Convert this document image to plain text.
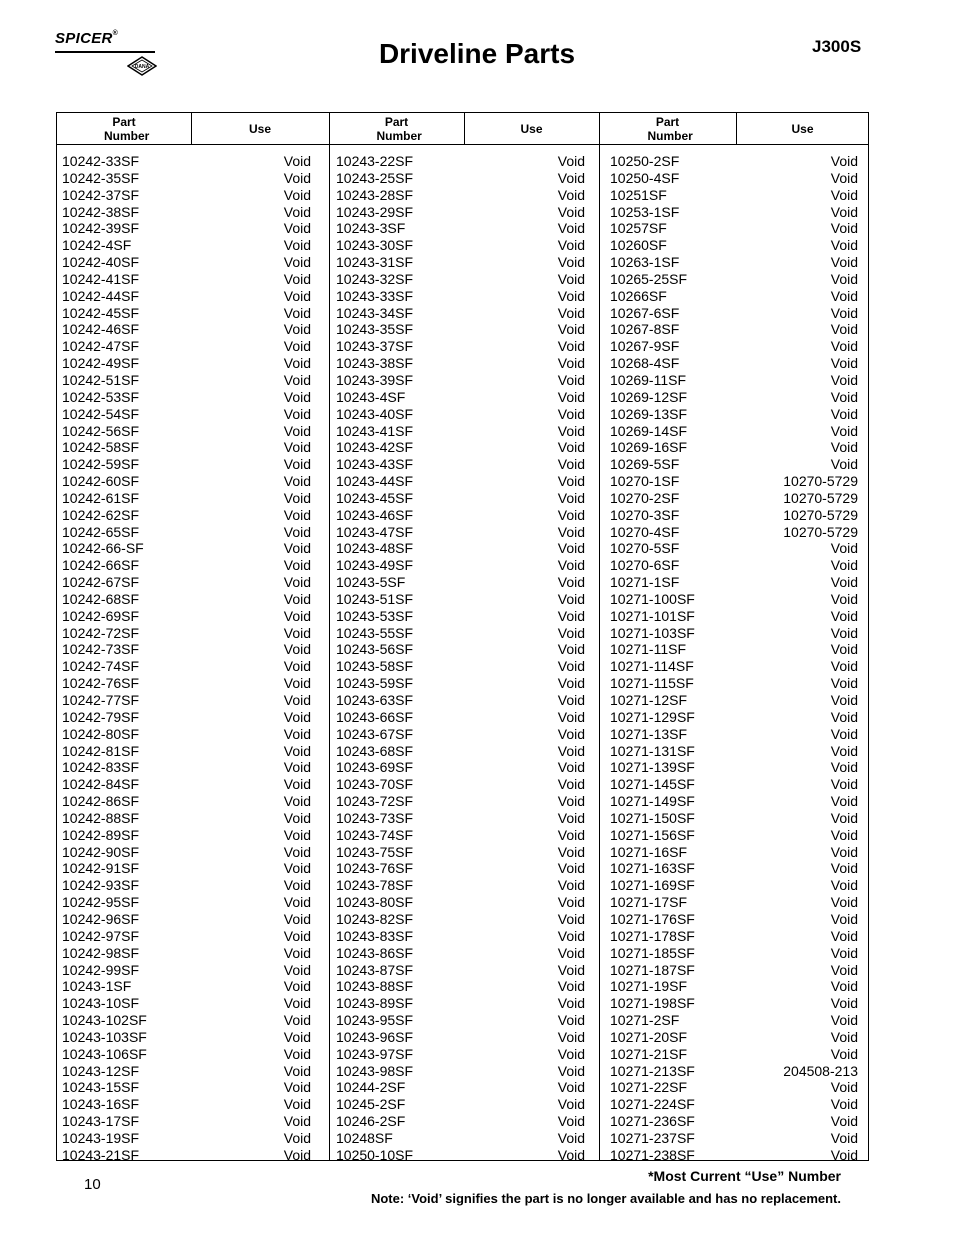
SPICER®
DANA	Driveline Parts	J300S
Part Number	Use	Part Number	Use	Part Number	Use
10242-33SF	Void
10242-35SF	Void
10242-37SF	Void
10242-38SF	Void
10242-39SF	Void
10242-4SF	Void
10242-40SF	Void
10242-41SF	Void
10242-44SF	Void
10242-45SF	Void
10242-46SF	Void
10242-47SF	Void
10242-49SF	Void
10242-51SF	Void
10242-53SF	Void
10242-54SF	Void
10242-56SF	Void
10242-58SF	Void
10242-59SF	Void
10242-60SF	Void
10242-61SF	Void
10242-62SF	Void
10242-65SF	Void
10242-66-SF	Void
10242-66SF	Void
10242-67SF	Void
10242-68SF	Void
10242-69SF	Void
10242-72SF	Void
10242-73SF	Void
10242-74SF	Void
10242-76SF	Void
10242-77SF	Void
10242-79SF	Void
10242-80SF	Void
10242-81SF	Void
10242-83SF	Void
10242-84SF	Void
10242-86SF	Void
10242-88SF	Void
10242-89SF	Void
10242-90SF	Void
10242-91SF	Void
10242-93SF	Void
10242-95SF	Void
10242-96SF	Void
10242-97SF	Void
10242-98SF	Void
10242-99SF	Void
10243-1SF	Void
10243-10SF	Void
10243-102SF	Void
10243-103SF	Void
10243-106SF	Void
10243-12SF	Void
10243-15SF	Void
10243-16SF	Void
10243-17SF	Void
10243-19SF	Void
10243-21SF	Void
10243-22SF	Void
10243-25SF	Void
10243-28SF	Void
10243-29SF	Void
10243-3SF	Void
10243-30SF	Void
10243-31SF	Void
10243-32SF	Void
10243-33SF	Void
10243-34SF	Void
10243-35SF	Void
10243-37SF	Void
10243-38SF	Void
10243-39SF	Void
10243-4SF	Void
10243-40SF	Void
10243-41SF	Void
10243-42SF	Void
10243-43SF	Void
10243-44SF	Void
10243-45SF	Void
10243-46SF	Void
10243-47SF	Void
10243-48SF	Void
10243-49SF	Void
10243-5SF	Void
10243-51SF	Void
10243-53SF	Void
10243-55SF	Void
10243-56SF	Void
10243-58SF	Void
10243-59SF	Void
10243-63SF	Void
10243-66SF	Void
10243-67SF	Void
10243-68SF	Void
10243-69SF	Void
10243-70SF	Void
10243-72SF	Void
10243-73SF	Void
10243-74SF	Void
10243-75SF	Void
10243-76SF	Void
10243-78SF	Void
10243-80SF	Void
10243-82SF	Void
10243-83SF	Void
10243-86SF	Void
10243-87SF	Void
10243-88SF	Void
10243-89SF	Void
10243-95SF	Void
10243-96SF	Void
10243-97SF	Void
10243-98SF	Void
10244-2SF	Void
10245-2SF	Void
10246-2SF	Void
10248SF	Void
10250-10SF	Void
10250-2SF	Void
10250-4SF	Void
10251SF	Void
10253-1SF	Void
10257SF	Void
10260SF	Void
10263-1SF	Void
10265-25SF	Void
10266SF	Void
10267-6SF	Void
10267-8SF	Void
10267-9SF	Void
10268-4SF	Void
10269-11SF	Void
10269-12SF	Void
10269-13SF	Void
10269-14SF	Void
10269-16SF	Void
10269-5SF	Void
10270-1SF	10270-5729
10270-2SF	10270-5729
10270-3SF	10270-5729
10270-4SF	10270-5729
10270-5SF	Void
10270-6SF	Void
10271-1SF	Void
10271-100SF	Void
10271-101SF	Void
10271-103SF	Void
10271-11SF	Void
10271-114SF	Void
10271-115SF	Void
10271-12SF	Void
10271-129SF	Void
10271-13SF	Void
10271-131SF	Void
10271-139SF	Void
10271-145SF	Void
10271-149SF	Void
10271-150SF	Void
10271-156SF	Void
10271-16SF	Void
10271-163SF	Void
10271-169SF	Void
10271-17SF	Void
10271-176SF	Void
10271-178SF	Void
10271-185SF	Void
10271-187SF	Void
10271-19SF	Void
10271-198SF	Void
10271-2SF	Void
10271-20SF	Void
10271-21SF	Void
10271-213SF	204508-213
10271-22SF	Void
10271-224SF	Void
10271-236SF	Void
10271-237SF	Void
10271-238SF	Void
10	*Most Current “Use” Number
Note: ‘Void’ signifies the part is no longer available and has no replacement.
